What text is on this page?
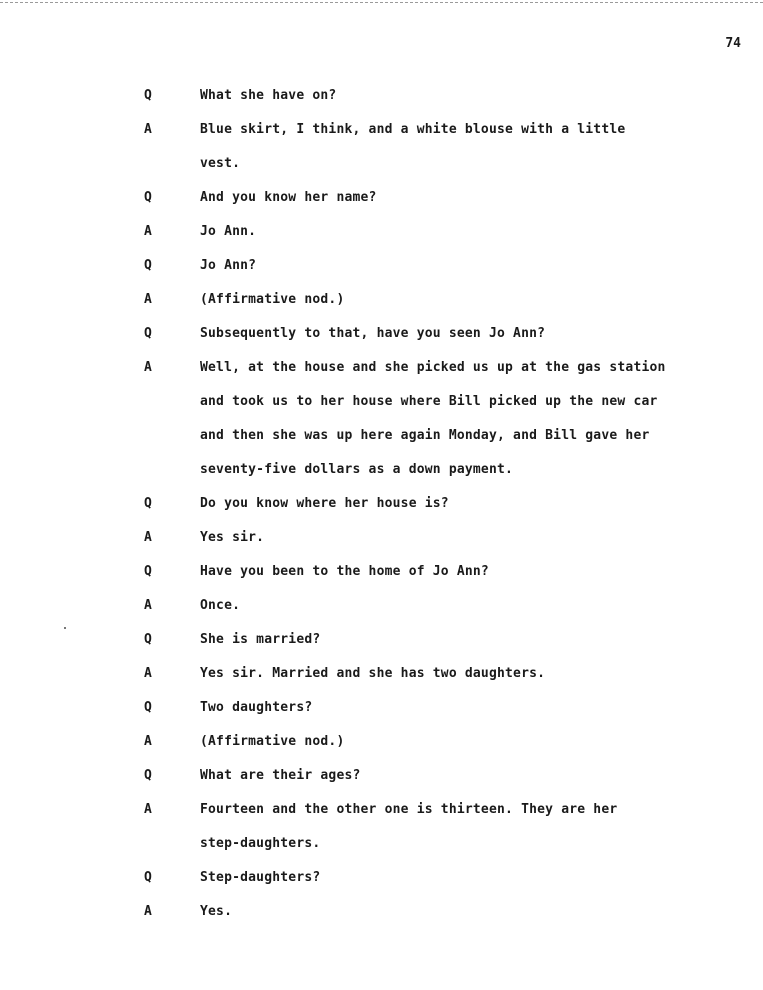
74
Q	What she have on?
A	Blue skirt, I think, and a white blouse with a little
vest.
Q	And you know her name?
A	Jo Ann.
Q	Jo Ann?
A	(Affirmative nod.)
Q	Subsequently to that, have you seen Jo Ann?
A	Well, at the house and she picked us up at the gas station
and took us to her house where Bill picked up the new car
and then she was up here again Monday, and Bill gave her
seventy-five dollars as a down payment.
Q	Do you know where her house is?
A	Yes sir.
Q	Have you been to the home of Jo Ann?
A	Once.
Q	She is married?
A	Yes sir. Married and she has two daughters.
Q	Two daughters?
A	(Affirmative nod.)
Q	What are their ages?
A	Fourteen and the other one is thirteen. They are her
step-daughters.
Q	Step-daughters?
A	Yes.
